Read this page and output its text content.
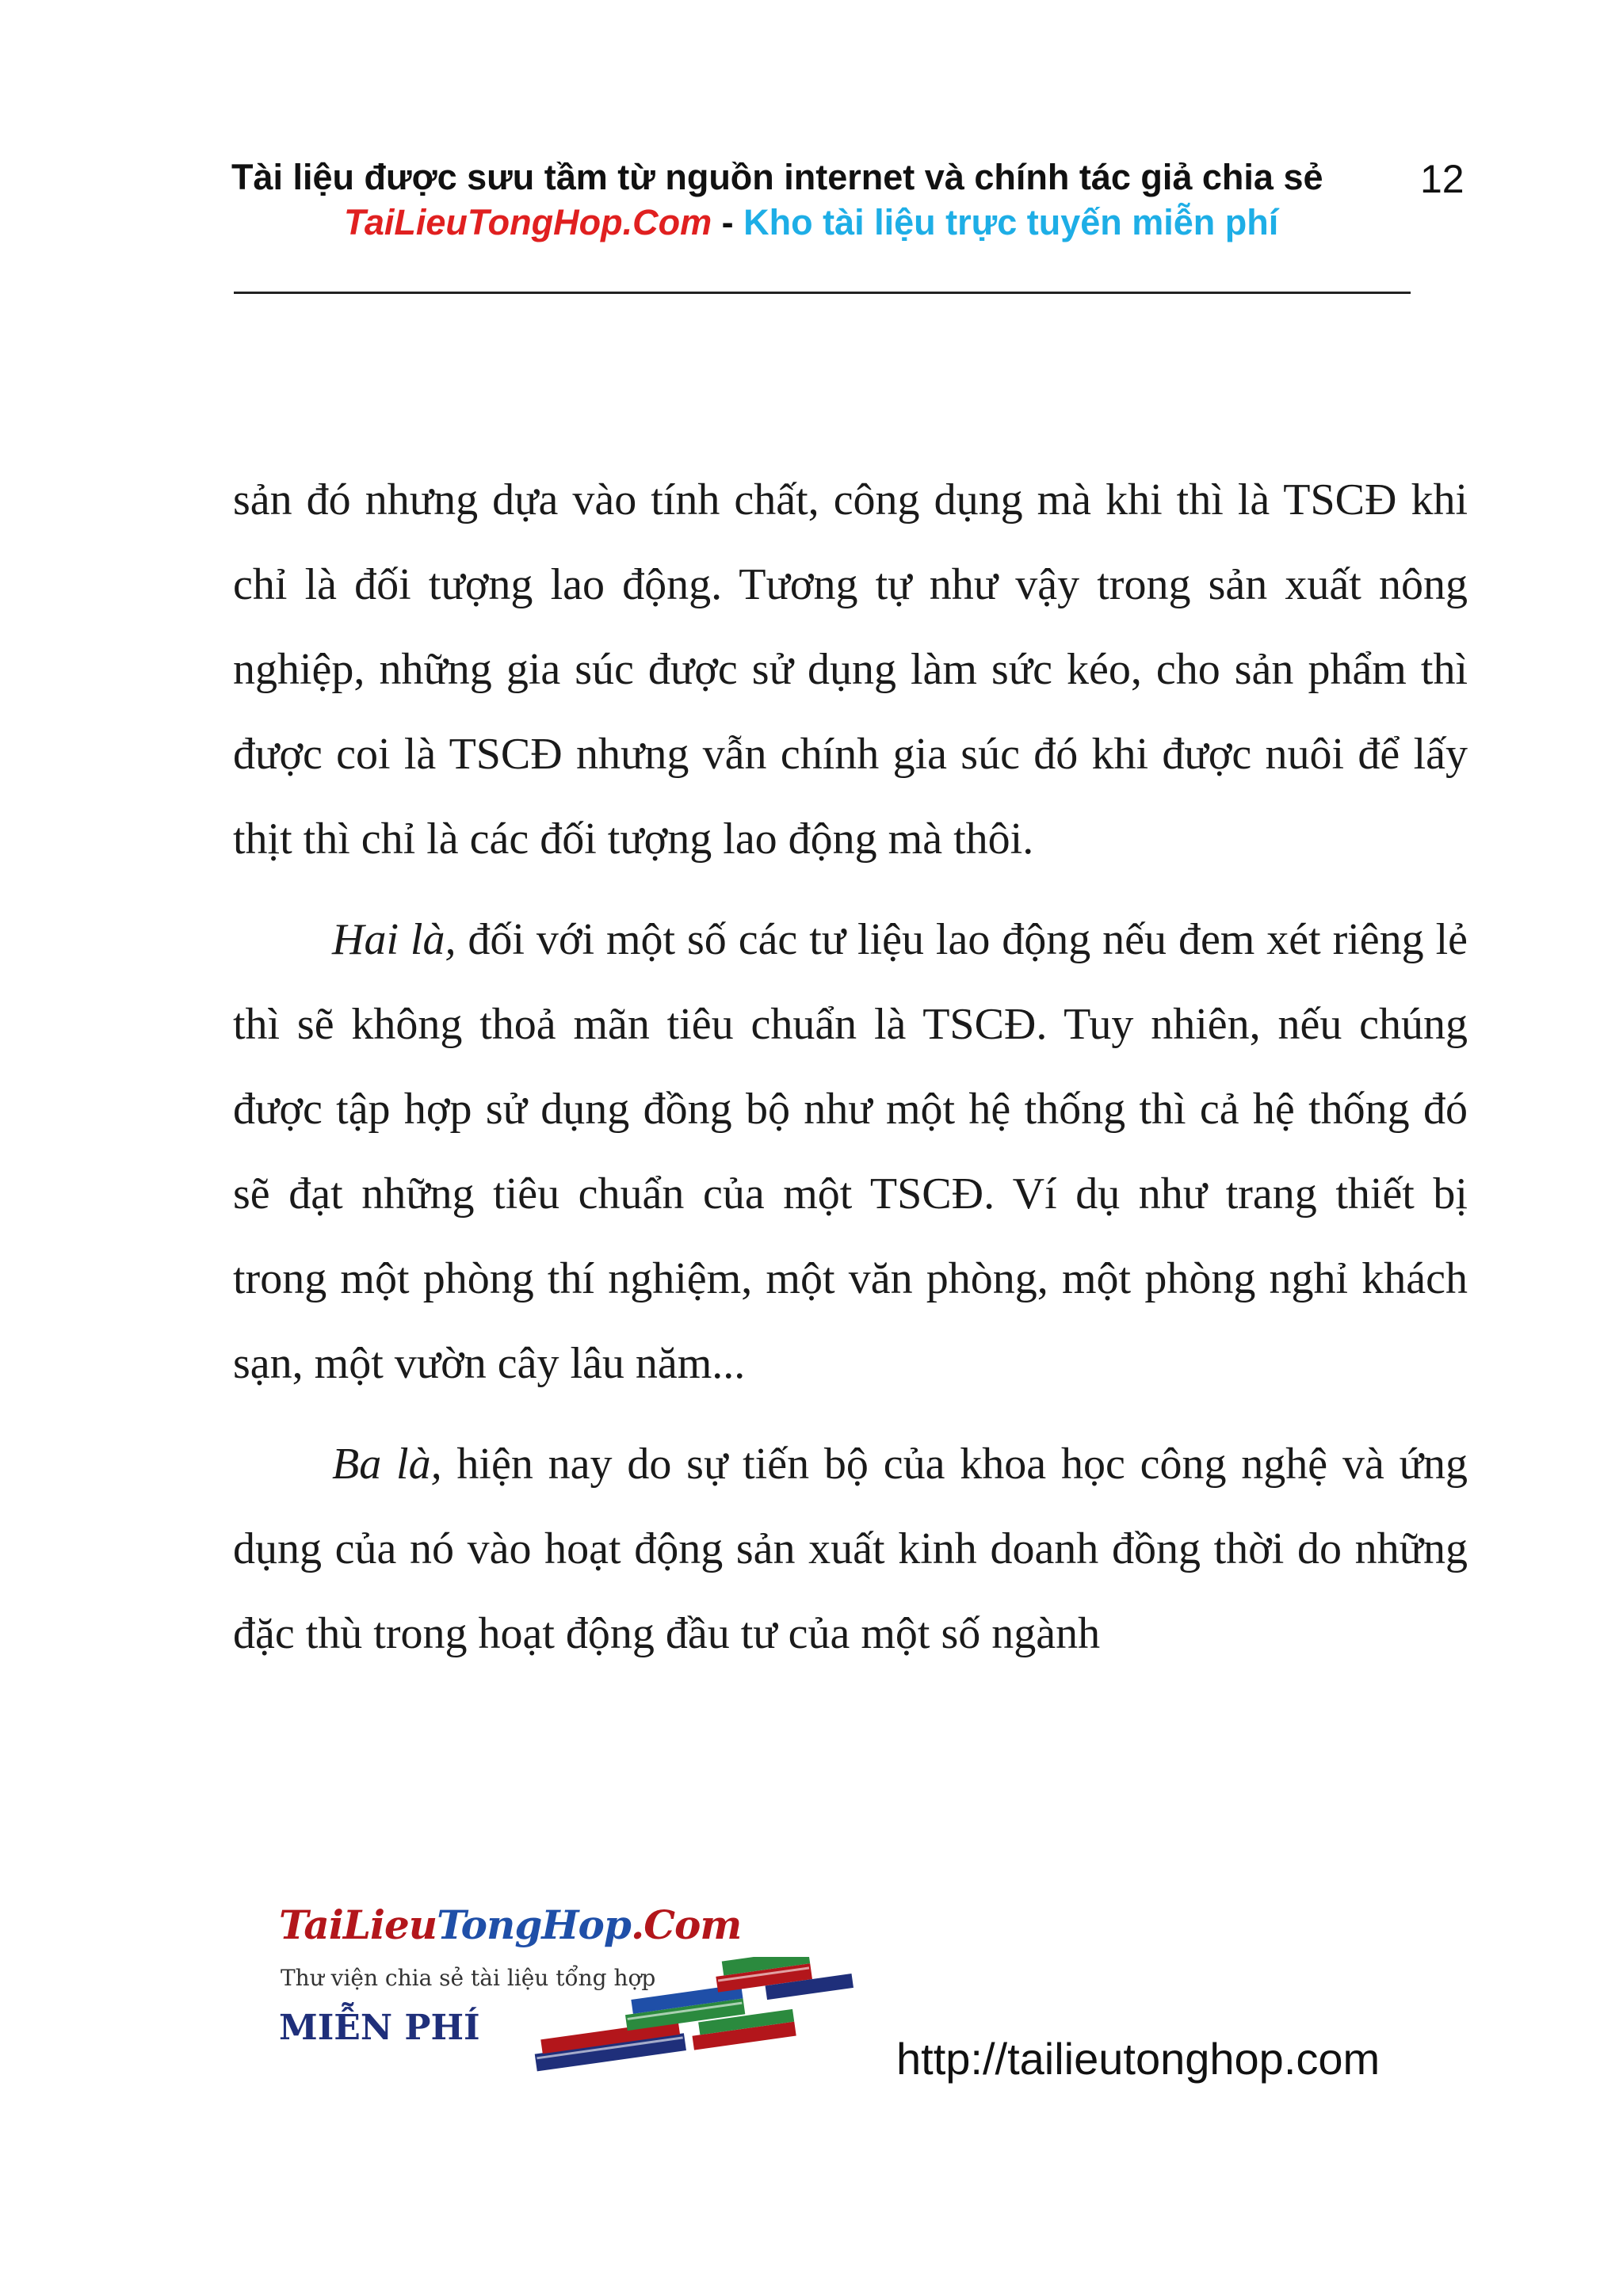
Tài liệu được sưu tầm từ nguồn internet và chính tác giả chia sẻ	12
TaiLieuTongHop.Com - Kho tài liệu trực tuyến miễn phí

sản đó nhưng dựa vào tính chất, công dụng mà khi thì là TSCĐ khi chỉ là đối tượng lao động. Tương tự như vậy trong sản xuất nông nghiệp, những gia súc được sử dụng làm sức kéo, cho sản phẩm thì được coi là TSCĐ nhưng vẫn chính gia súc đó khi được nuôi để lấy thịt thì chỉ là các đối tượng lao động mà thôi.

Hai là, đối với một số các tư liệu lao động nếu đem xét riêng lẻ thì sẽ không thoả mãn tiêu chuẩn là TSCĐ. Tuy nhiên, nếu chúng được tập hợp sử dụng đồng bộ như một hệ thống thì cả hệ thống đó sẽ đạt những tiêu chuẩn của một TSCĐ. Ví dụ như trang thiết bị trong một phòng thí nghiệm, một văn phòng, một phòng nghỉ khách sạn, một vườn cây lâu năm...

Ba là, hiện nay do sự tiến bộ của khoa học công nghệ và ứng dụng của nó vào hoạt động sản xuất kinh doanh đồng thời do những đặc thù trong hoạt động đầu tư của một số ngành

TaiLieuTongHop.Com
Thư viện chia sẻ tài liệu tổng hợp
MIỄN PHÍ
http://tailieutonghop.com
